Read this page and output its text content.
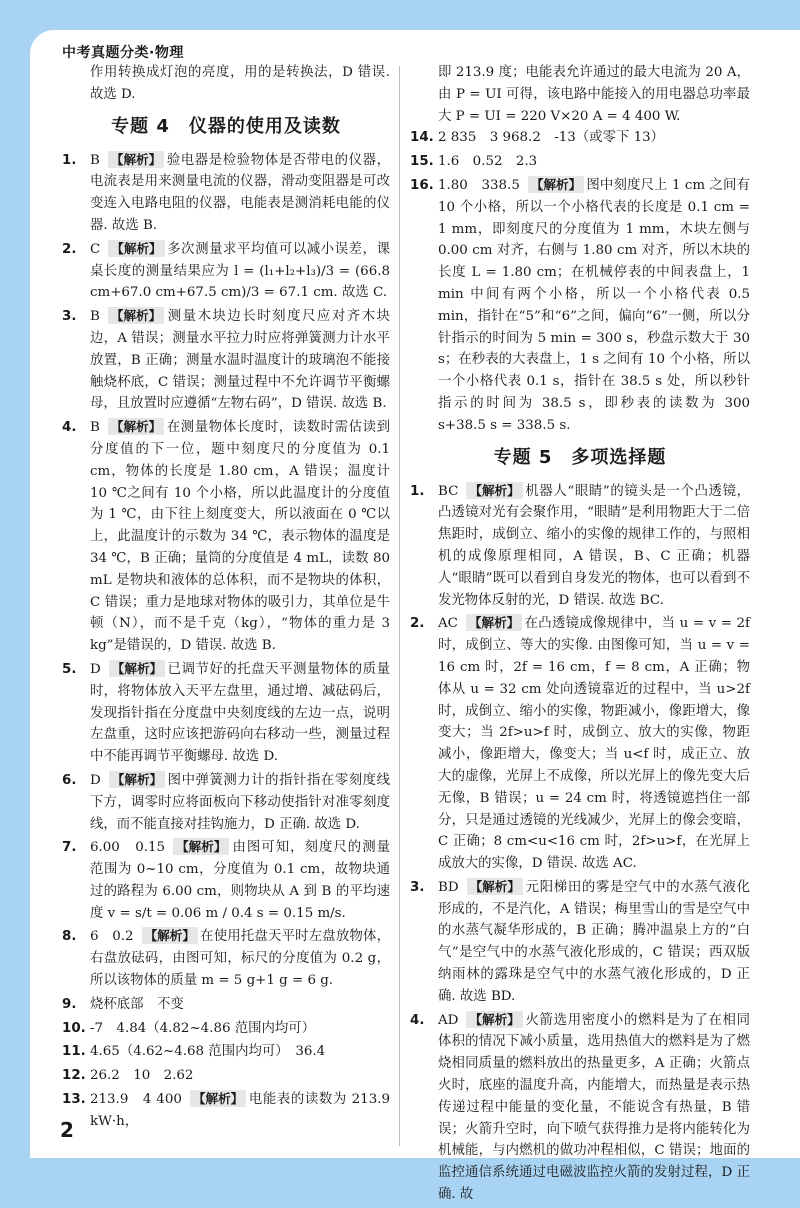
中考真题分类·物理
作用转换成灯泡的亮度，用的是转换法，D 错误. 故选 D.
专题 4　仪器的使用及读数
1.	B 【解析】 验电器是检验物体是否带电的仪器，电流表是用来测量电流的仪器，滑动变阻器是可改变连入电路电阻的仪器，电能表是测消耗电能的仪器. 故选 B.
2.	C 【解析】 多次测量求平均值可以减小误差，课桌长度的测量结果应为 l = (l₁+l₂+l₃)/3 = (66.8 cm+67.0 cm+67.5 cm)/3 = 67.1 cm. 故选 C.
3.	B 【解析】 测量木块边长时刻度尺应对齐木块边，A 错误；测量水平拉力时应将弹簧测力计水平放置，B 正确；测量水温时温度计的玻璃泡不能接触烧杯底，C 错误；测量过程中不允许调节平衡螺母，且放置时应遵循“左物右码”，D 错误. 故选 B.
4.	B 【解析】 在测量物体长度时，读数时需估读到分度值的下一位，题中刻度尺的分度值为 0.1 cm，物体的长度是 1.80 cm，A 错误；温度计 10 ℃之间有 10 个小格，所以此温度计的分度值为 1 ℃，由下往上刻度变大，所以液面在 0 ℃以上，此温度计的示数为 34 ℃，表示物体的温度是 34 ℃，B 正确；量筒的分度值是 4 mL，读数 80 mL 是物块和液体的总体积，而不是物块的体积，C 错误；重力是地球对物体的吸引力，其单位是牛顿（N），而不是千克（kg），“物体的重力是 3 kg”是错误的，D 错误. 故选 B.
5.	D 【解析】 已调节好的托盘天平测量物体的质量时，将物体放入天平左盘里，通过增、减砝码后，发现指针指在分度盘中央刻度线的左边一点，说明左盘重，这时应该把游码向右移动一些，测量过程中不能再调节平衡螺母. 故选 D.
6.	D 【解析】 图中弹簧测力计的指针指在零刻度线下方，调零时应将面板向下移动使指针对准零刻度线，而不能直接对挂钩施力，D 正确. 故选 D.
7.	6.00　0.15 【解析】 由图可知，刻度尺的测量范围为 0~10 cm，分度值为 0.1 cm，故物块通过的路程为 6.00 cm，则物块从 A 到 B 的平均速度 v = s/t = 0.06 m / 0.4 s = 0.15 m/s.
8.	6　0.2 【解析】 在使用托盘天平时左盘放物体，右盘放砝码，由图可知，标尺的分度值为 0.2 g，所以该物体的质量 m = 5 g+1 g = 6 g.
9.	烧杯底部　不变
10. -7　4.84（4.82~4.86 范围内均可）
11. 4.65（4.62~4.68 范围内均可）　36.4
12. 26.2　10　2.62
13. 213.9　4 400 【解析】 电能表的读数为 213.9 kW·h，
即 213.9 度；电能表允许通过的最大电流为 20 A，由 P = UI 可得，该电路中能接入的用电器总功率最大 P = UI = 220 V×20 A = 4 400 W.
14. 2 835　3 968.2　-13（或零下 13）
15. 1.6　0.52　2.3
16. 1.80　338.5 【解析】 图中刻度尺上 1 cm 之间有 10 个小格，所以一个小格代表的长度是 0.1 cm = 1 mm，即刻度尺的分度值为 1 mm，木块左侧与 0.00 cm 对齐，右侧与 1.80 cm 对齐，所以木块的长度 L = 1.80 cm；在机械停表的中间表盘上，1 min 中间有两个小格，所以一个小格代表 0.5 min，指针在“5”和“6”之间，偏向“6”一侧，所以分针指示的时间为 5 min = 300 s，秒盘示数大于 30 s；在秒表的大表盘上，1 s 之间有 10 个小格，所以一个小格代表 0.1 s，指针在 38.5 s 处，所以秒针指示的时间为 38.5 s，即秒表的读数为 300 s+38.5 s = 338.5 s.
专题 5　多项选择题
1.	BC 【解析】 机器人“眼睛”的镜头是一个凸透镜，凸透镜对光有会聚作用，“眼睛”是利用物距大于二倍焦距时，成倒立、缩小的实像的规律工作的，与照相机的成像原理相同，A 错误，B、C 正确；机器人“眼睛”既可以看到自身发光的物体，也可以看到不发光物体反射的光，D 错误. 故选 BC.
2.	AC 【解析】 在凸透镜成像规律中，当 u = v = 2f 时，成倒立、等大的实像. 由图像可知，当 u = v = 16 cm 时，2f = 16 cm，f = 8 cm，A 正确；物体从 u = 32 cm 处向透镜靠近的过程中，当 u>2f 时，成倒立、缩小的实像，物距减小，像距增大，像变大；当 2f>u>f 时，成倒立、放大的实像，物距减小，像距增大，像变大；当 u<f 时，成正立、放大的虚像，光屏上不成像，所以光屏上的像先变大后无像，B 错误；u = 24 cm 时，将透镜遮挡住一部分，只是通过透镜的光线减少，光屏上的像会变暗，C 正确；8 cm<u<16 cm 时，2f>u>f，在光屏上成放大的实像，D 错误. 故选 AC.
3.	BD 【解析】 元阳梯田的雾是空气中的水蒸气液化形成的，不是汽化，A 错误；梅里雪山的雪是空气中的水蒸气凝华形成的，B 正确；腾冲温泉上方的“白气”是空气中的水蒸气液化形成的，C 错误；西双版纳雨林的露珠是空气中的水蒸气液化形成的，D 正确. 故选 BD.
4.	AD 【解析】 火箭选用密度小的燃料是为了在相同体积的情况下减小质量，选用热值大的燃料是为了燃烧相同质量的燃料放出的热量更多，A 正确；火箭点火时，底座的温度升高，内能增大，而热量是表示热传递过程中能量的变化量，不能说含有热量，B 错误；火箭升空时，向下喷气获得推力是将内能转化为机械能，与内燃机的做功冲程相似，C 错误；地面的监控通信系统通过电磁波监控火箭的发射过程，D 正确. 故
2
